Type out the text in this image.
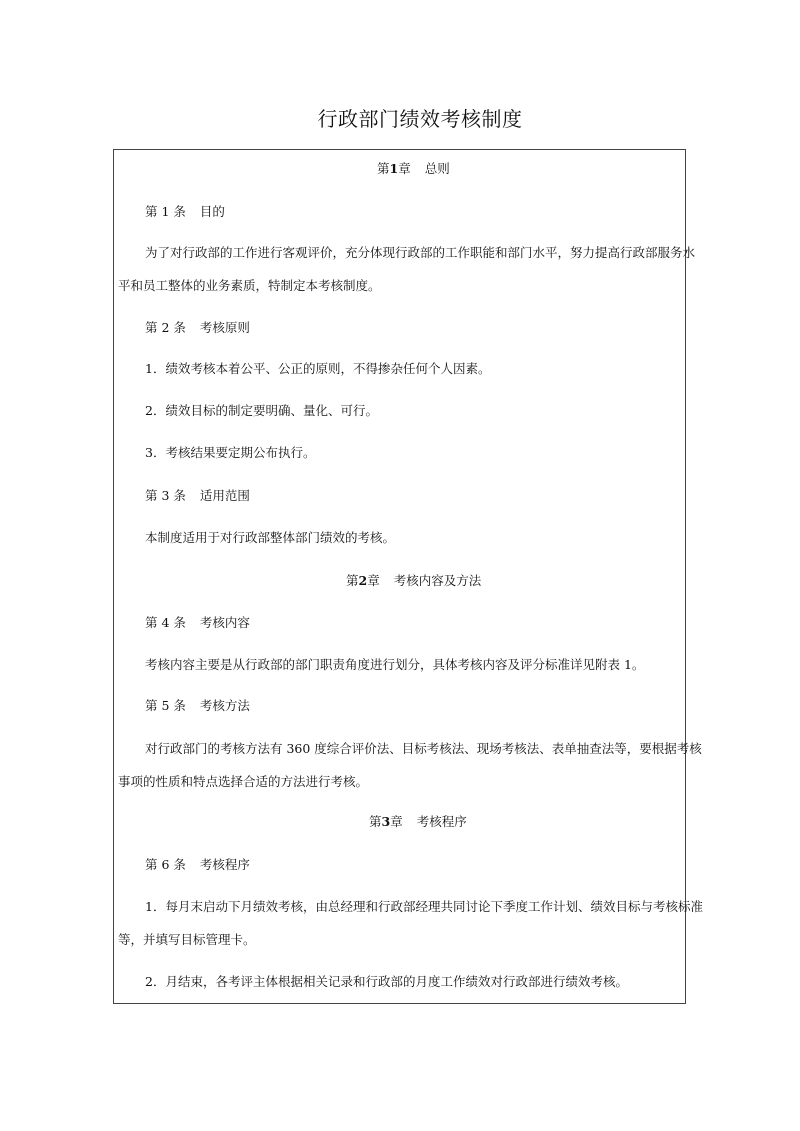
行政部门绩效考核制度
第1章 总则
第 1 条 目的
为了对行政部的工作进行客观评价，充分体现行政部的工作职能和部门水平，努力提高行政部服务水
平和员工整体的业务素质，特制定本考核制度。
第 2 条 考核原则
1．绩效考核本着公平、公正的原则，不得掺杂任何个人因素。
2．绩效目标的制定要明确、量化、可行。
3．考核结果要定期公布执行。
第 3 条 适用范围
本制度适用于对行政部整体部门绩效的考核。
第2章 考核内容及方法
第 4 条 考核内容
考核内容主要是从行政部的部门职责角度进行划分，具体考核内容及评分标准详见附表 1。
第 5 条 考核方法
对行政部门的考核方法有 360 度综合评价法、目标考核法、现场考核法、表单抽查法等，要根据考核
事项的性质和特点选择合适的方法进行考核。
第3章 考核程序
第 6 条 考核程序
1．每月末启动下月绩效考核，由总经理和行政部经理共同讨论下季度工作计划、绩效目标与考核标准
等，并填写目标管理卡。
2．月结束，各考评主体根据相关记录和行政部的月度工作绩效对行政部进行绩效考核。
